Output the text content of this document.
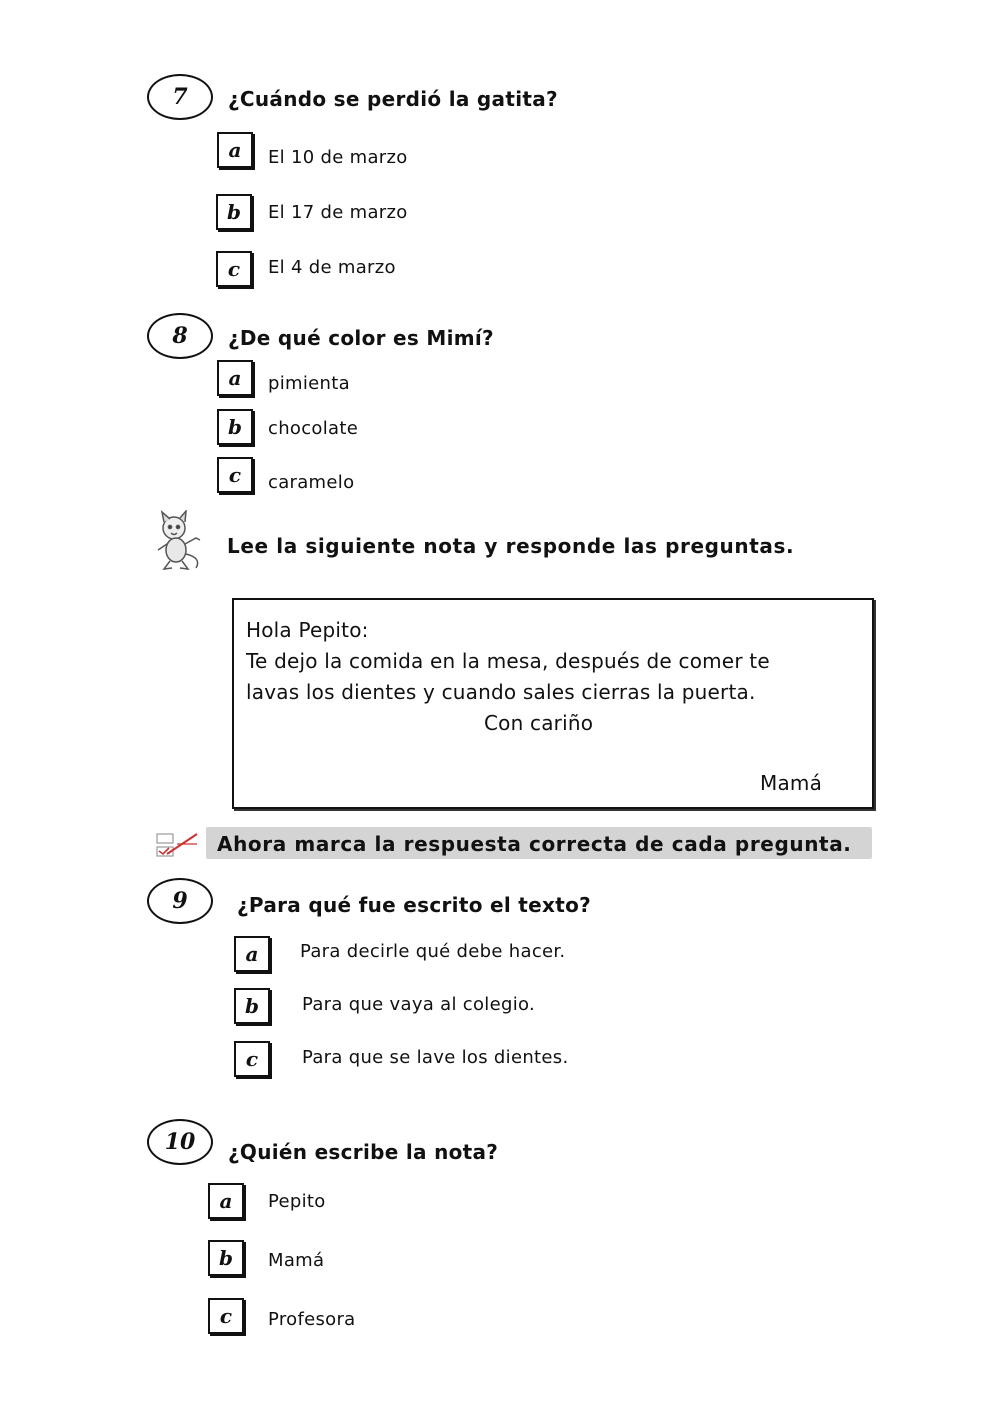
7 ¿Cuándo se perdió la gatita?
a El 10 de marzo
b El 17 de marzo
c El 4 de marzo
8 ¿De qué color es Mimí?
a pimienta
b chocolate
c caramelo
Lee la siguiente nota y responde las preguntas.
Hola Pepito:
Te dejo la comida en la mesa, después de comer te
lavas los dientes y cuando sales cierras la puerta.
Con cariño
Mamá
Ahora marca la respuesta correcta de cada pregunta.
9 ¿Para qué fue escrito el texto?
a Para decirle qué debe hacer.
b Para que vaya al colegio.
c Para que se lave los dientes.
10 ¿Quién escribe la nota?
a Pepito
b Mamá
c Profesora
